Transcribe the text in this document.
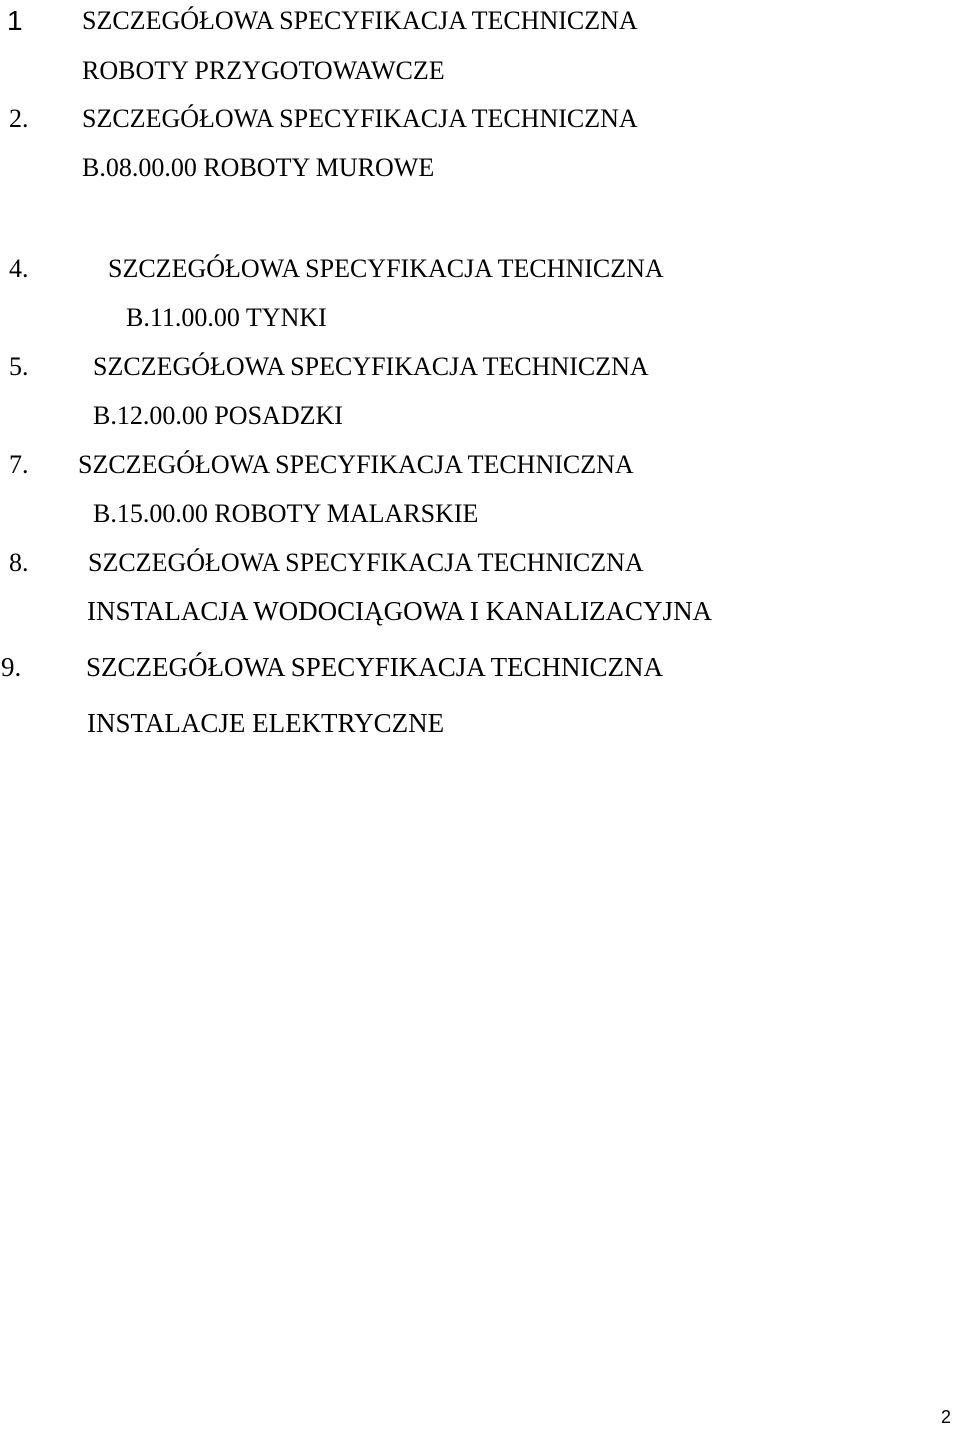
1 SZCZEGÓŁOWA SPECYFIKACJA TECHNICZNA
ROBOTY PRZYGOTOWAWCZE
2. SZCZEGÓŁOWA SPECYFIKACJA TECHNICZNA
B.08.00.00 ROBOTY MUROWE
4.	SZCZEGÓŁOWA SPECYFIKACJA TECHNICZNA
B.11.00.00 TYNKI
5. SZCZEGÓŁOWA SPECYFIKACJA TECHNICZNA
B.12.00.00 POSADZKI
7. SZCZEGÓŁOWA SPECYFIKACJA TECHNICZNA
B.15.00.00 ROBOTY MALARSKIE
8. SZCZEGÓŁOWA SPECYFIKACJA TECHNICZNA
INSTALACJA WODOCIĄGOWA I KANALIZACYJNA
9. SZCZEGÓŁOWA SPECYFIKACJA TECHNICZNA
INSTALACJE ELEKTRYCZNE
2
